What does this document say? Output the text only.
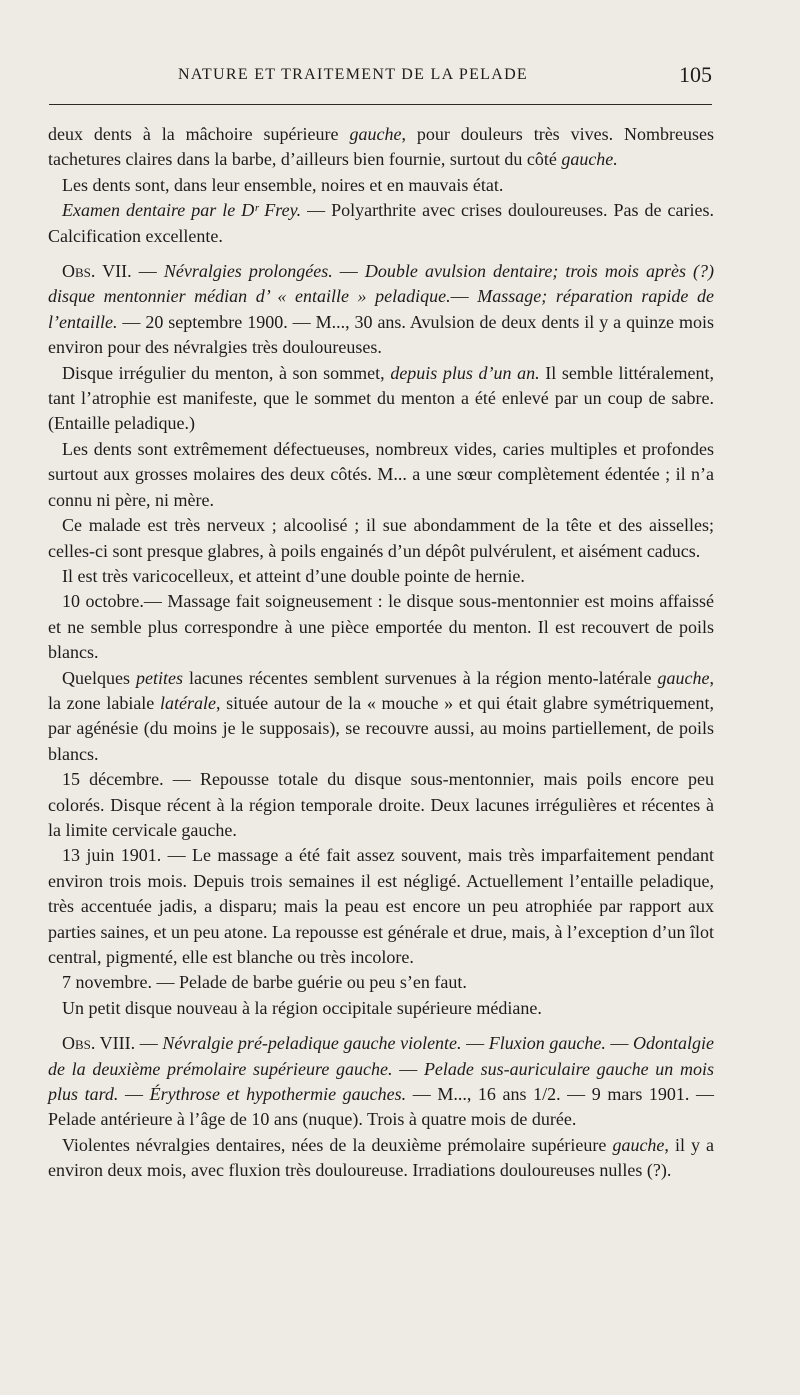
NATURE ET TRAITEMENT DE LA PELADE	105

deux dents à la mâchoire supérieure gauche, pour douleurs très vives. Nombreuses tachetures claires dans la barbe, d’ailleurs bien fournie, surtout du côté gauche.

Les dents sont, dans leur ensemble, noires et en mauvais état.

Examen dentaire par le Dʳ Frey. — Polyarthrite avec crises douloureuses. Pas de caries. Calcification excellente.

Obs. VII. — Névralgies prolongées. — Double avulsion dentaire; trois mois après (?) disque mentonnier médian d’ « entaille » peladique.— Massage; réparation rapide de l’entaille. — 20 septembre 1900. — M..., 30 ans. Avulsion de deux dents il y a quinze mois environ pour des névralgies très douloureuses.

Disque irrégulier du menton, à son sommet, depuis plus d’un an. Il semble littéralement, tant l’atrophie est manifeste, que le sommet du menton a été enlevé par un coup de sabre. (Entaille peladique.)

Les dents sont extrêmement défectueuses, nombreux vides, caries multiples et profondes surtout aux grosses molaires des deux côtés. M... a une sœur complètement édentée ; il n’a connu ni père, ni mère.

Ce malade est très nerveux ; alcoolisé ; il sue abondamment de la tête et des aisselles; celles-ci sont presque glabres, à poils engainés d’un dépôt pulvérulent, et aisément caducs.

Il est très varicocelleux, et atteint d’une double pointe de hernie.

10 octobre.— Massage fait soigneusement : le disque sous-mentonnier est moins affaissé et ne semble plus correspondre à une pièce emportée du menton. Il est recouvert de poils blancs.

Quelques petites lacunes récentes semblent survenues à la région mento-latérale gauche, la zone labiale latérale, située autour de la « mouche » et qui était glabre symétriquement, par agénésie (du moins je le supposais), se recouvre aussi, au moins partiellement, de poils blancs.

15 décembre. — Repousse totale du disque sous-mentonnier, mais poils encore peu colorés. Disque récent à la région temporale droite. Deux lacunes irrégulières et récentes à la limite cervicale gauche.

13 juin 1901. — Le massage a été fait assez souvent, mais très imparfaitement pendant environ trois mois. Depuis trois semaines il est négligé. Actuellement l’entaille peladique, très accentuée jadis, a disparu; mais la peau est encore un peu atrophiée par rapport aux parties saines, et un peu atone. La repousse est générale et drue, mais, à l’exception d’un îlot central, pigmenté, elle est blanche ou très incolore.

7 novembre. — Pelade de barbe guérie ou peu s’en faut.

Un petit disque nouveau à la région occipitale supérieure médiane.

Obs. VIII. — Névralgie pré-peladique gauche violente. — Fluxion gauche. — Odontalgie de la deuxième prémolaire supérieure gauche. — Pelade sus-auriculaire gauche un mois plus tard. — Érythrose et hypothermie gauches. — M..., 16 ans 1/2. — 9 mars 1901. — Pelade antérieure à l’âge de 10 ans (nuque). Trois à quatre mois de durée.

Violentes névralgies dentaires, nées de la deuxième prémolaire supérieure gauche, il y a environ deux mois, avec fluxion très douloureuse. Irradiations douloureuses nulles (?).
